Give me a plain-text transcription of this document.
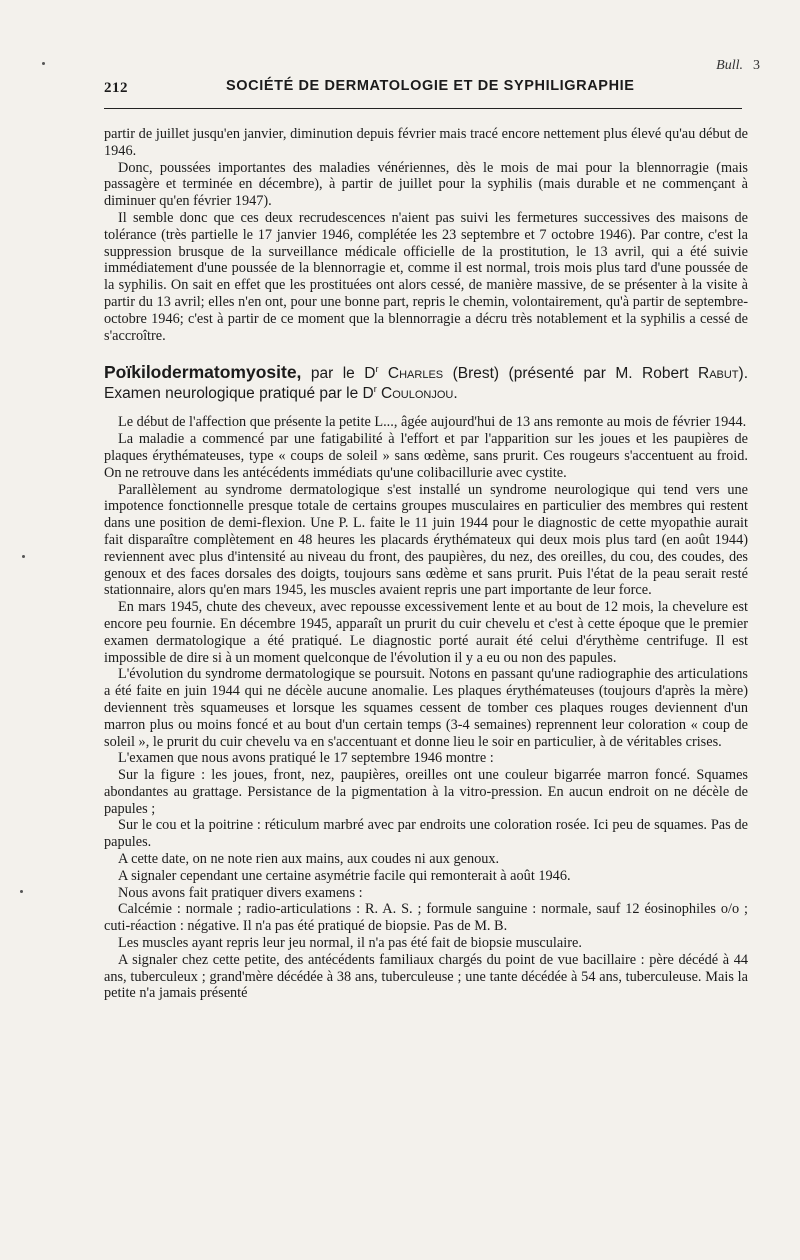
Bull. 3
212	SOCIÉTÉ DE DERMATOLOGIE ET DE SYPHILIGRAPHIE

partir de juillet jusqu'en janvier, diminution depuis février mais tracé encore nettement plus élevé qu'au début de 1946.

Donc, poussées importantes des maladies vénériennes, dès le mois de mai pour la blennorragie (mais passagère et terminée en décembre), à partir de juillet pour la syphilis (mais durable et ne commençant à diminuer qu'en février 1947).

Il semble donc que ces deux recrudescences n'aient pas suivi les fermetures successives des maisons de tolérance (très partielle le 17 janvier 1946, complétée les 23 septembre et 7 octobre 1946). Par contre, c'est la suppression brusque de la surveillance médicale officielle de la prostitution, le 13 avril, qui a été suivie immédiatement d'une poussée de la blennorragie et, comme il est normal, trois mois plus tard d'une poussée de la syphilis. On sait en effet que les prostituées ont alors cessé, de manière massive, de se présenter à la visite à partir du 13 avril; elles n'en ont, pour une bonne part, repris le chemin, volontairement, qu'à partir de septembre-octobre 1946; c'est à partir de ce moment que la blennorragie a décru très notablement et la syphilis a cessé de s'accroître.

Poïkilodermatomyosite, par le $D^r$ Charles (Brest) (présenté par M. Robert Rabut). Examen neurologique pratiqué par le $D^r$ Coulonjou.

Le début de l'affection que présente la petite L..., âgée aujourd'hui de 13 ans remonte au mois de février 1944.

La maladie a commencé par une fatigabilité à l'effort et par l'apparition sur les joues et les paupières de plaques érythémateuses, type « coups de soleil » sans œdème, sans prurit. Ces rougeurs s'accentuent au froid. On ne retrouve dans les antécédents immédiats qu'une colibacillurie avec cystite.

Parallèlement au syndrome dermatologique s'est installé un syndrome neurologique qui tend vers une impotence fonctionnelle presque totale de certains groupes musculaires en particulier des membres qui restent dans une position de demi-flexion. Une P. L. faite le 11 juin 1944 pour le diagnostic de cette myopathie aurait fait disparaître complètement en 48 heures les placards érythémateux qui deux mois plus tard (en août 1944) reviennent avec plus d'intensité au niveau du front, des paupières, du nez, des oreilles, du cou, des coudes, des genoux et des faces dorsales des doigts, toujours sans œdème et sans prurit. Puis l'état de la peau serait resté stationnaire, alors qu'en mars 1945, les muscles avaient repris une part importante de leur force.

En mars 1945, chute des cheveux, avec repousse excessivement lente et au bout de 12 mois, la chevelure est encore peu fournie. En décembre 1945, apparaît un prurit du cuir chevelu et c'est à cette époque que le premier examen dermatologique a été pratiqué. Le diagnostic porté aurait été celui d'érythème centrifuge. Il est impossible de dire si à un moment quelconque de l'évolution il y a eu ou non des papules.

L'évolution du syndrome dermatologique se poursuit. Notons en passant qu'une radiographie des articulations a été faite en juin 1944 qui ne décèle aucune anomalie. Les plaques érythémateuses (toujours d'après la mère) deviennent très squameuses et lorsque les squames cessent de tomber ces plaques rouges deviennent d'un marron plus ou moins foncé et au bout d'un certain temps (3-4 semaines) reprennent leur coloration « coup de soleil », le prurit du cuir chevelu va en s'accentuant et donne lieu le soir en particulier, à de véritables crises.

L'examen que nous avons pratiqué le 17 septembre 1946 montre :

Sur la figure : les joues, front, nez, paupières, oreilles ont une couleur bigarrée marron foncé. Squames abondantes au grattage. Persistance de la pigmentation à la vitro-pression. En aucun endroit on ne décèle de papules ;

Sur le cou et la poitrine : réticulum marbré avec par endroits une coloration rosée. Ici peu de squames. Pas de papules.

A cette date, on ne note rien aux mains, aux coudes ni aux genoux.

A signaler cependant une certaine asymétrie facile qui remonterait à août 1946.

Nous avons fait pratiquer divers examens :

Calcémie : normale ; radio-articulations : R. A. S. ; formule sanguine : normale, sauf 12 éosinophiles o/o ; cuti-réaction : négative. Il n'a pas été pratiqué de biopsie. Pas de M. B.

Les muscles ayant repris leur jeu normal, il n'a pas été fait de biopsie musculaire.

A signaler chez cette petite, des antécédents familiaux chargés du point de vue bacillaire : père décédé à 44 ans, tuberculeux ; grand'mère décédée à 38 ans, tuberculeuse ; une tante décédée à 54 ans, tuberculeuse. Mais la petite n'a jamais présenté
